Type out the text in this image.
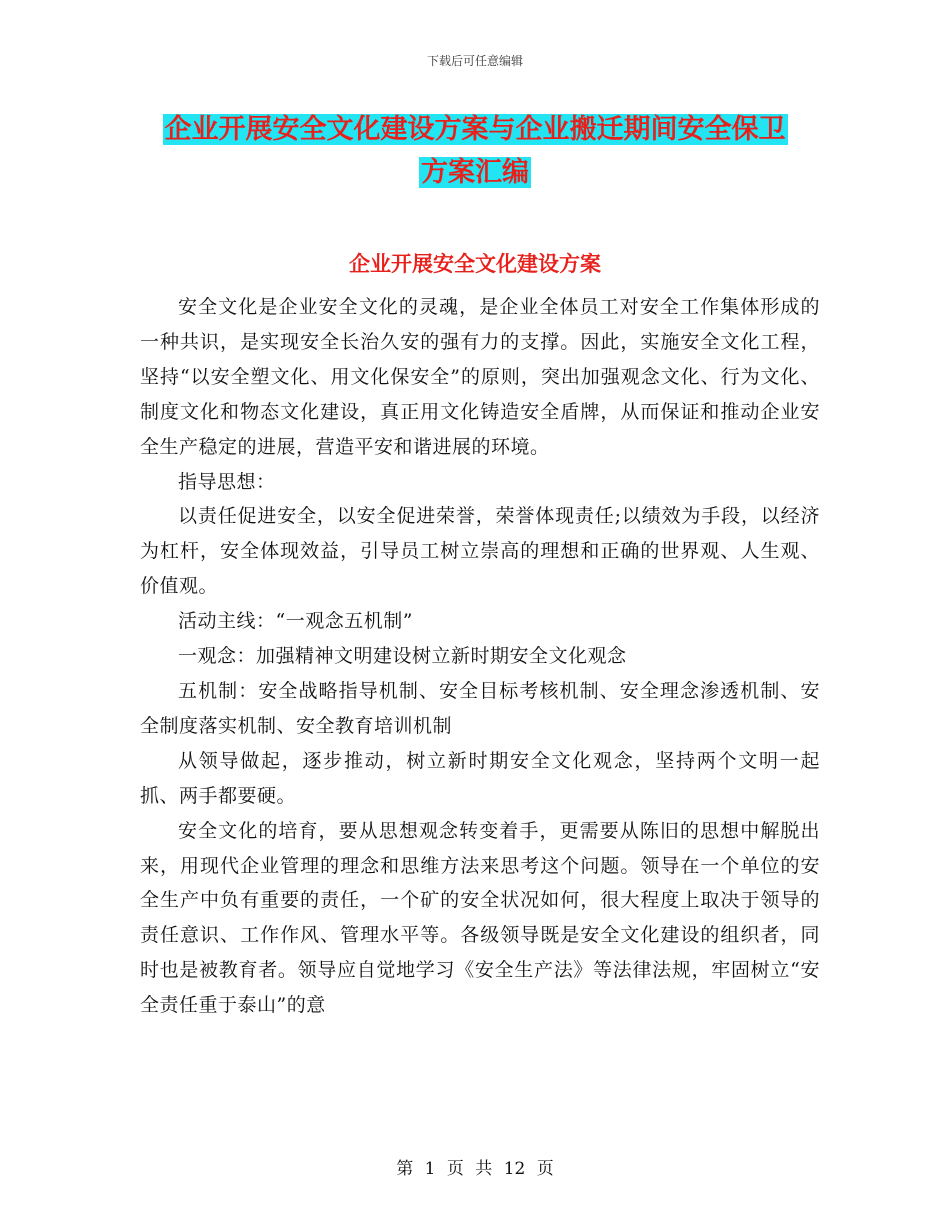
下载后可任意编辑
企业开展安全文化建设方案与企业搬迁期间安全保卫
方案汇编
企业开展安全文化建设方案

安全文化是企业安全文化的灵魂，是企业全体员工对安全工作集体形成的一种共识，是实现安全长治久安的强有力的支撑。因此，实施安全文化工程，坚持“以安全塑文化、用文化保安全”的原则，突出加强观念文化、行为文化、制度文化和物态文化建设，真正用文化铸造安全盾牌，从而保证和推动企业安全生产稳定的进展，营造平安和谐进展的环境。

指导思想：

以责任促进安全，以安全促进荣誉，荣誉体现责任;以绩效为手段，以经济为杠杆，安全体现效益，引导员工树立崇高的理想和正确的世界观、人生观、价值观。

活动主线：“一观念五机制”

一观念：加强精神文明建设树立新时期安全文化观念

五机制：安全战略指导机制、安全目标考核机制、安全理念渗透机制、安全制度落实机制、安全教育培训机制

从领导做起，逐步推动，树立新时期安全文化观念，坚持两个文明一起抓、两手都要硬。

安全文化的培育，要从思想观念转变着手，更需要从陈旧的思想中解脱出来，用现代企业管理的理念和思维方法来思考这个问题。领导在一个单位的安全生产中负有重要的责任，一个矿的安全状况如何，很大程度上取决于领导的责任意识、工作作风、管理水平等。各级领导既是安全文化建设的组织者，同时也是被教育者。领导应自觉地学习《安全生产法》等法律法规，牢固树立“安全责任重于泰山”的意

第 1 页 共 12 页
